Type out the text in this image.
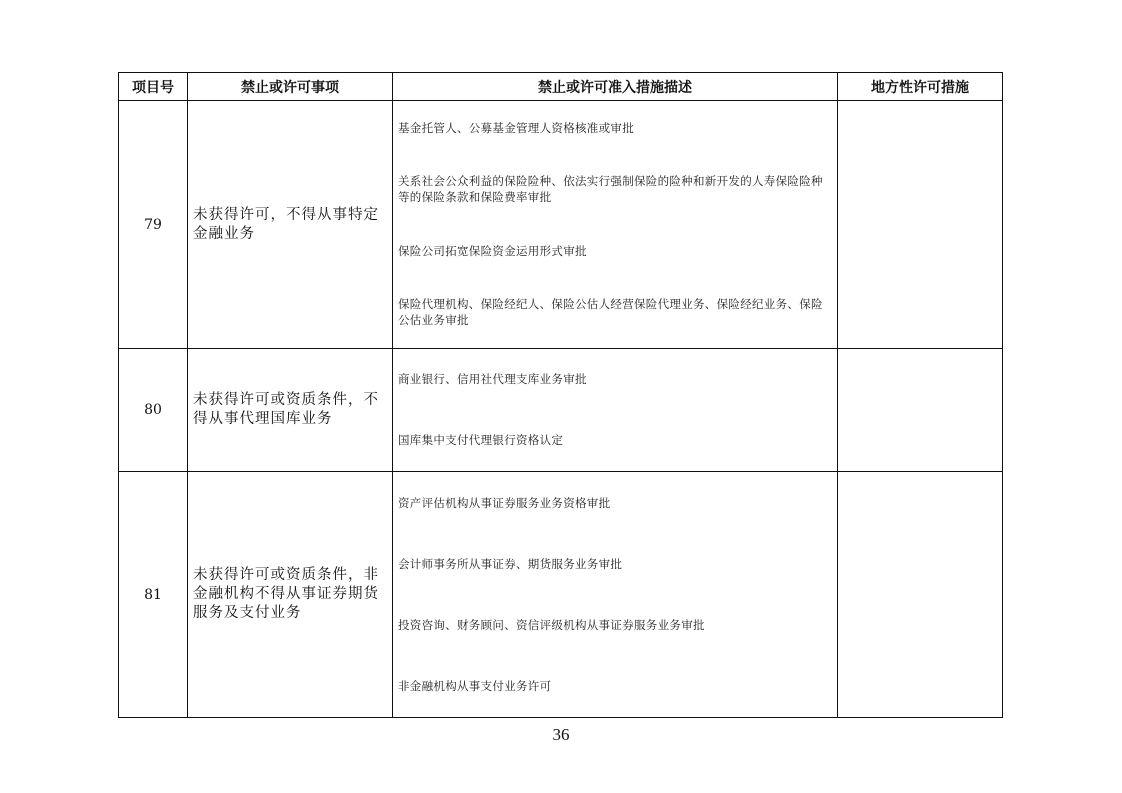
项目号	禁止或许可事项	禁止或许可准入措施描述	地方性许可措施
79	未获得许可，不得从事特定金融业务	基金托管人、公募基金管理人资格核准或审批
关系社会公众利益的保险险种、依法实行强制保险的险种和新开发的人寿保险险种等的保险条款和保险费率审批
保险公司拓宽保险资金运用形式审批
保险代理机构、保险经纪人、保险公估人经营保险代理业务、保险经纪业务、保险公估业务审批	

80	未获得许可或资质条件，不得从事代理国库业务	商业银行、信用社代理支库业务审批
国库集中支付代理银行资格认定	

81	未获得许可或资质条件，非金融机构不得从事证券期货服务及支付业务	资产评估机构从事证券服务业务资格审批
会计师事务所从事证券、期货服务业务审批
投资咨询、财务顾问、资信评级机构从事证券服务业务审批
非金融机构从事支付业务许可	

36
